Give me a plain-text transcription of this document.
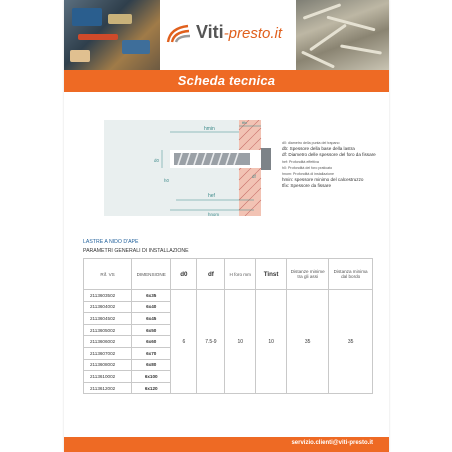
Viti-presto.it
Scheda tecnica
hmin
tfix
d0
df
hef
hnom
h0
d0: diametro della punta del trapano
db: Spessore della base della lastra
df: Diametro delle spessore del foro da fissare
hef: Profondità effettiva
h0: Profondità del foro praticato
hnom: Profondità di installazione
hmin: spessore minimo del calcestruzzo
tfix: Spessore da fissare
LASTRE A NIDO D'APE
PARAMETRI GENERALI DI INSTALLAZIONE
Rif. VS	DIMENSIONE	d0	df	H foro mm	Tinst	Distanze minime tra gli assi	Distanza minima dal bordo
2113603502	6x35	6	7.5-9	10	10	35	35
2113604002	6x40						
2113604502	6x45						
2113605002	6x50						
2113606002	6x60						
2113607002	6x70						
2113608002	6x80						
2113610002	6x100						
2113612002	6x120						
servizio.clienti@viti-presto.it
